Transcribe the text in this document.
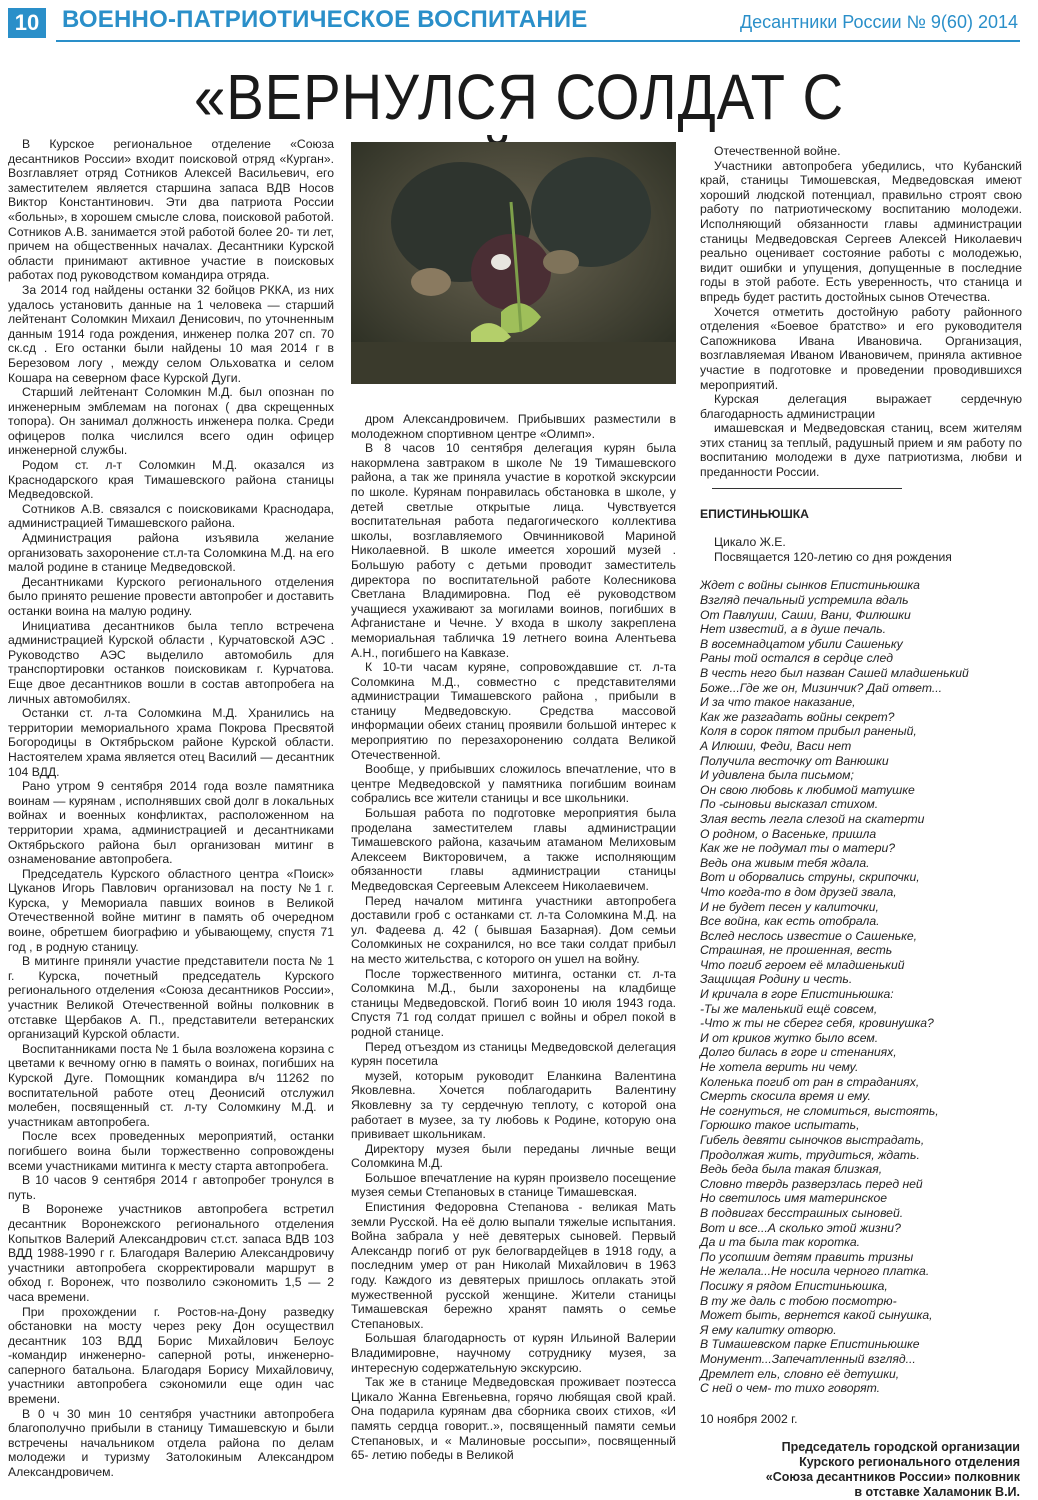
10 ВОЕННО-ПАТРИОТИЧЕСКОЕ ВОСПИТАНИЕ	Десантники России № 9(60) 2014
«ВЕРНУЛСЯ СОЛДАТ С

В Курское региональное отделение «Союза десантников России» входит поисковой отряд «Курган». Возглавляет отряд Сотников Алексей Васильевич, его заместителем является старшина запаса ВДВ Носов Виктор Константинович. Эти два патриота России «больны», в хорошем смысле слова, поисковой работой. Сотников А.В. занимается этой работой более 20- ти лет, причем на общественных началах. Десантники Курской области принимают активное участие в поисковых работах под руководством командира отряда.

За 2014 год найдены останки 32 бойцов РККА, из них удалось установить данные на 1 человека — старший лейтенант Соломкин Михаил Денисович, по уточненным данным 1914 года рождения, инженер полка 207 сп. 70 ск.сд . Его останки были найдены 10 мая 2014 г в Березовом логу , между селом Ольховатка и селом Кошара на северном фасе Курской Дуги.

Старший лейтенант Соломкин М.Д. был опознан по инженерным эмблемам на погонах ( два скрещенных топора). Он занимал должность инженера полка. Среди офицеров полка числился всего один офицер инженерной службы.

Родом ст. л-т Соломкин М.Д. оказался из Краснодарского края Тимашевского района станицы Медведовской.

Сотников А.В. связался с поисковиками Краснодара, администрацией Тимашевского района.

Администрация района изъявила желание организовать захоронение ст.л-та Соломкина М.Д. на его малой родине в станице Медведовской.

Десантниками Курского регионального отделения было принято решение провести автопробег и доставить останки воина на малую родину.

Инициатива десантников была тепло встречена администрацией Курской области , Курчатовской АЭС . Руководство АЭС выделило автомобиль для транспортировки останков поисковикам г. Курчатова. Еще двое десантников вошли в состав автопробега на личных автомобилях.

Останки ст. л-та Соломкина М.Д. Хранились на территории мемориального храма Покрова Пресвятой Богородицы в Октябрьском районе Курской области. Настоятелем храма является отец Василий — десантник 104 ВДД.

Рано утром 9 сентября 2014 года возле памятника воинам — курянам , исполнявших свой долг в локальных войнах и военных конфликтах, расположенном на территории храма, администрацией и десантниками Октябрьского района был организован митинг в ознаменование автопробега.

Председатель Курского областного центра «Поиск» Цуканов Игорь Павлович организовал на посту №1 г. Курска, у Мемориала павших воинов в Великой Отечественной войне митинг в память об очередном воине, обретшем биографию и убывающему, спустя 71 год , в родную станицу.

В митинге приняли участие представители поста № 1 г. Курска, почетный председатель Курского регионального отделения «Союза десантников России», участник Великой Отечественной войны полковник в отставке Щербаков А. П., представители ветеранских организаций Курской области.

Воспитанниками поста № 1 была возложена корзина с цветами к вечному огню в память о воинах, погибших на Курской Дуге. Помощник командира в/ч 11262 по воспитательной работе отец Деонисий отслужил молебен, посвященный ст. л-ту Соломкину М.Д. и участникам автопробега.

После всех проведенных мероприятий, останки погибшего воина были торжественно сопровождены всеми участниками митинга к месту старта автопробега.

В 10 часов 9 сентября 2014 г автопробег тронулся в путь.

В Воронеже участников автопробега встретил десантник Воронежского регионального отделения Копытков Валерий Александрович ст.ст. запаса ВДВ 103 ВДД 1988-1990 г г. Благодаря Валерию Александровичу участники автопробега скорректировали маршрут в обход г. Воронеж, что позволило сэкономить 1,5 — 2 часа времени.

При прохождении г. Ростов-на-Дону разведку обстановки на мосту через реку Дон осуществил десантник 103 ВДД Борис Михайлович Белоус -командир инженерно- саперной роты, инженерно-саперного батальона. Благодаря Борису Михайловичу, участники автопробега сэкономили еще один час времени.

В 0 ч 30 мин 10 сентября участники автопробега благополучно прибыли в станицу Тимашевскую и были встречены начальником отдела района по делам молодежи и туризму Затолокиным Александром Александровичем.

дром Александровичем. Прибывших разместили в молодежном спортивном центре «Олимп».

В 8 часов 10 сентября делегация курян была накормлена завтраком в школе № 19 Тимашевского района, а так же приняла участие в короткой экскурсии по школе. Курянам понравилась обстановка в школе, у детей светлые открытые лица. Чувствуется воспитательная работа педагогического коллектива школы, возглавляемого Овчинниковой Мариной Николаевной. В школе имеется хороший музей . Большую работу с детьми проводит заместитель директора по воспитательной работе Колесникова Светлана Владимировна. Под её руководством учащиеся ухаживают за могилами воинов, погибших в Афганистане и Чечне. У входа в школу закреплена мемориальная табличка 19 летнего воина Алентьева А.Н., погибшего на Кавказе.

К 10-ти часам куряне, сопровождавшие ст. л-та Соломкина М.Д., совместно с представителями администрации Тимашевского района , прибыли в станицу Медведовскую. Средства массовой информации обеих станиц проявили большой интерес к мероприятию по перезахоронению солдата Великой Отечественной.

Вообще, у прибывших сложилось впечатление, что в центре Медведовской у памятника погибшим воинам собрались все жители станицы и все школьники.

Большая работа по подготовке мероприятия была проделана заместителем главы администрации Тимашевского района, казачьим атаманом Мелиховым Алексеем Викторовичем, а также исполняющим обязанности главы администрации станицы Медведовская Сергеевым Алексеем Николаевичем.

Перед началом митинга участники автопробега доставили гроб с останками ст. л-та Соломкина М.Д. на ул. Фадеева д. 42 ( бывшая Базарная). Дом семьи Соломкиных не сохранился, но все таки солдат прибыл на место жительства, с которого он ушел на войну.

После торжественного митинга, останки ст. л-та Соломкина М.Д., были захоронены на кладбище станицы Медведовской. Погиб воин 10 июля 1943 года. Спустя 71 год солдат пришел с войны и обрел покой в родной станице.

Перед отъездом из станицы Медведовской делегация курян посетила

музей, которым руководит Еланкина Валентина Яковлевна. Хочется поблагодарить Валентину Яковлевну за ту сердечную теплоту, с которой она работает в музее, за ту любовь к Родине, которую она прививает школьникам.

Директору музея были переданы личные вещи Соломкина М.Д.

Большое впечатление на курян произвело посещение музея семьи Степановых в станице Тимашевская.

Епистиния Федоровна Степанова - великая Мать земли Русской. На её долю выпали тяжелые испытания. Война забрала у неё девятерых сыновей. Первый Александр погиб от рук белогвардейцев в 1918 году, а последним умер от ран Николай Михайлович в 1963 году. Каждого из девятерых пришлось оплакать этой мужественной русской женщине. Жители станицы Тимашевская бережно хранят память о семье Степановых.

Большая благодарность от курян Ильиной Валерии Владимировне, научному сотруднику музея, за интересную содержательную экскурсию.

Так же в станице Медведовская проживает поэтесса Цикало Жанна Евгеньевна, горячо любящая свой край. Она подарила курянам два сборника своих стихов, «И память сердца говорит..», посвященный памяти семьи Степановых, и « Малиновые россыпи», посвященный 65- летию победы в Великой

Отечественной войне.

Участники автопробега убедились, что Кубанский край, станицы Тимошевская, Медведовская имеют хороший людской потенциал, правильно строят свою работу по патриотическому воспитанию молодежи. Исполняющий обязанности главы администрации станицы Медведовская Сергеев Алексей Николаевич реально оценивает состояние работы с молодежью, видит ошибки и упущения, допущенные в последние годы в этой работе. Есть уверенность, что станица и впредь будет растить достойных сынов Отечества.

Хочется отметить достойную работу районного отделения «Боевое братство» и его руководителя Сапожникова Ивана Ивановича. Организация, возглавляемая Иваном Ивановичем, приняла активное участие в подготовке и проведении проводившихся мероприятий.

Курская делегация выражает сердечную благодарность администрации

имашевская и Медведовская станиц, всем жителям этих станиц за теплый, радушный прием и ям работу по воспитанию молодежи в духе патриотизма, любви и преданности России.

ЕПИСТИНЬЮШКА

Цикало Ж.Е.

Посвящается 120-летию со дня рождения

Ждет с войны сынков Епистиньюшка
Взгляд печальный устремила вдаль
От Павлуши, Саши, Вани, Филюшки
Нет известий, а в душе печаль.
В восемнадцатом убили Сашеньку
Раны той остался в сердце след
В честь него был назван Сашей младшенький
Боже...Где же он, Мизинчик? Дай ответ...
И за что такое наказание,
Как же разгадать войны секрет?
Коля в сорок пятом прибыл раненый,
А Илюши, Феди, Васи нет
Получила весточку от Ванюшки
И удивлена была письмом;
Он свою любовь к любимой матушке
По -сыновьи высказал стихом.
Злая весть легла слезой на скатерти
О родном, о Васеньке, пришла
Как же не подумал ты о матери?
Ведь она живым тебя ждала.
Вот и оборвались струны, скрипочки,
Что когда-то в дом друзей звала,
И не будет песен у калиточки,
Все война, как есть отобрала.
Вслед неслось известие о Сашеньке,
Страшная, не прошенная, весть
Что погиб героем её младшенький
Защищая Родину и честь.
И кричала в горе Епистиньюшка:
-Ты же маленький ещё совсем,
-Что ж ты не сберег себя, кровинушка?
И от криков жутко было всем.
Долго билась в горе и стенаниях,
Не хотела верить ни чему.
Коленька погиб от ран в страданиях,
Смерть скосила время и ему.
Не согнуться, не сломиться, выстоять,
Горюшко такое испытать,
Гибель девяти сыночков выстрадать,
Продолжая жить, трудиться, ждать.
Ведь беда была такая близкая,
Словно твердь разверзлась перед ней
Но светилось имя материнское
В подвигах бесстрашных сыновей.
Вот и все...А сколько этой жизни?
Да и та была так коротка.
По усопшим детям править тризны
Не желала...Не носила черного платка.
Посижу я рядом Епистиньюшка,
В ту же даль с тобою посмотрю-
Может быть, вернется какой сынушка,
Я ему калитку отворю.
В Тимашевском парке Епистиньюшке
Монумент...Запечатленный взгляд...
Дремлет ель, словно её детушки,
С ней о чем- то тихо говорят.

10 ноября 2002 г.

Председатель городской организации
Курского регионального отделения
«Союза десантников России» полковник
в отставке Халамоник В.И.
